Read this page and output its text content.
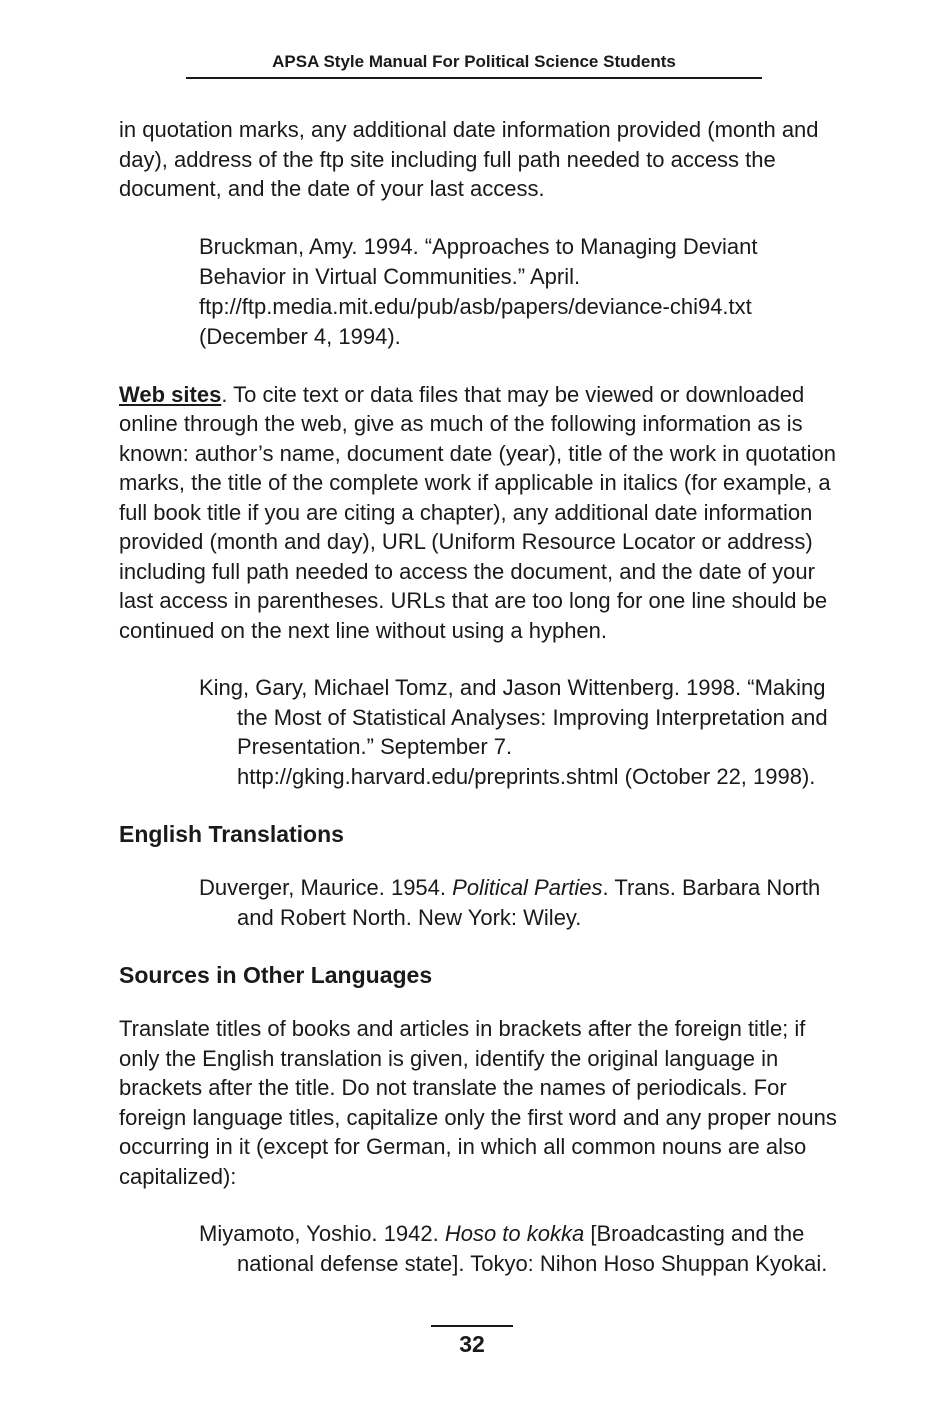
APSA Style Manual For Political Science Students

in quotation marks, any additional date information provided (month and day), address of the ftp site including full path needed to access the document, and the date of your last access.

Bruckman, Amy. 1994. “Approaches to Managing Deviant Behavior in Virtual Communities.” April. ftp://ftp.media.mit.edu/pub/asb/papers/deviance-chi94.txt (December 4, 1994).

Web sites. To cite text or data files that may be viewed or downloaded online through the web, give as much of the following information as is known: author’s name, document date (year), title of the work in quotation marks, the title of the complete work if applicable in italics (for example, a full book title if you are citing a chapter), any additional date information provided (month and day), URL (Uniform Resource Locator or address) including full path needed to access the document, and the date of your last access in parentheses. URLs that are too long for one line should be continued on the next line without using a hyphen.

King, Gary, Michael Tomz, and Jason Wittenberg. 1998. “Making the Most of Statistical Analyses: Improving Interpretation and Presentation.” September 7. http://gking.harvard.edu/preprints.shtml (October 22, 1998).

English Translations

Duverger, Maurice. 1954. Political Parties. Trans. Barbara North and Robert North. New York: Wiley.

Sources in Other Languages

Translate titles of books and articles in brackets after the foreign title; if only the English translation is given, identify the original language in brackets after the title. Do not translate the names of periodicals. For foreign language titles, capitalize only the first word and any proper nouns occurring in it (except for German, in which all common nouns are also capitalized):

Miyamoto, Yoshio. 1942. Hoso to kokka [Broadcasting and the national defense state]. Tokyo: Nihon Hoso Shuppan Kyokai.

32
